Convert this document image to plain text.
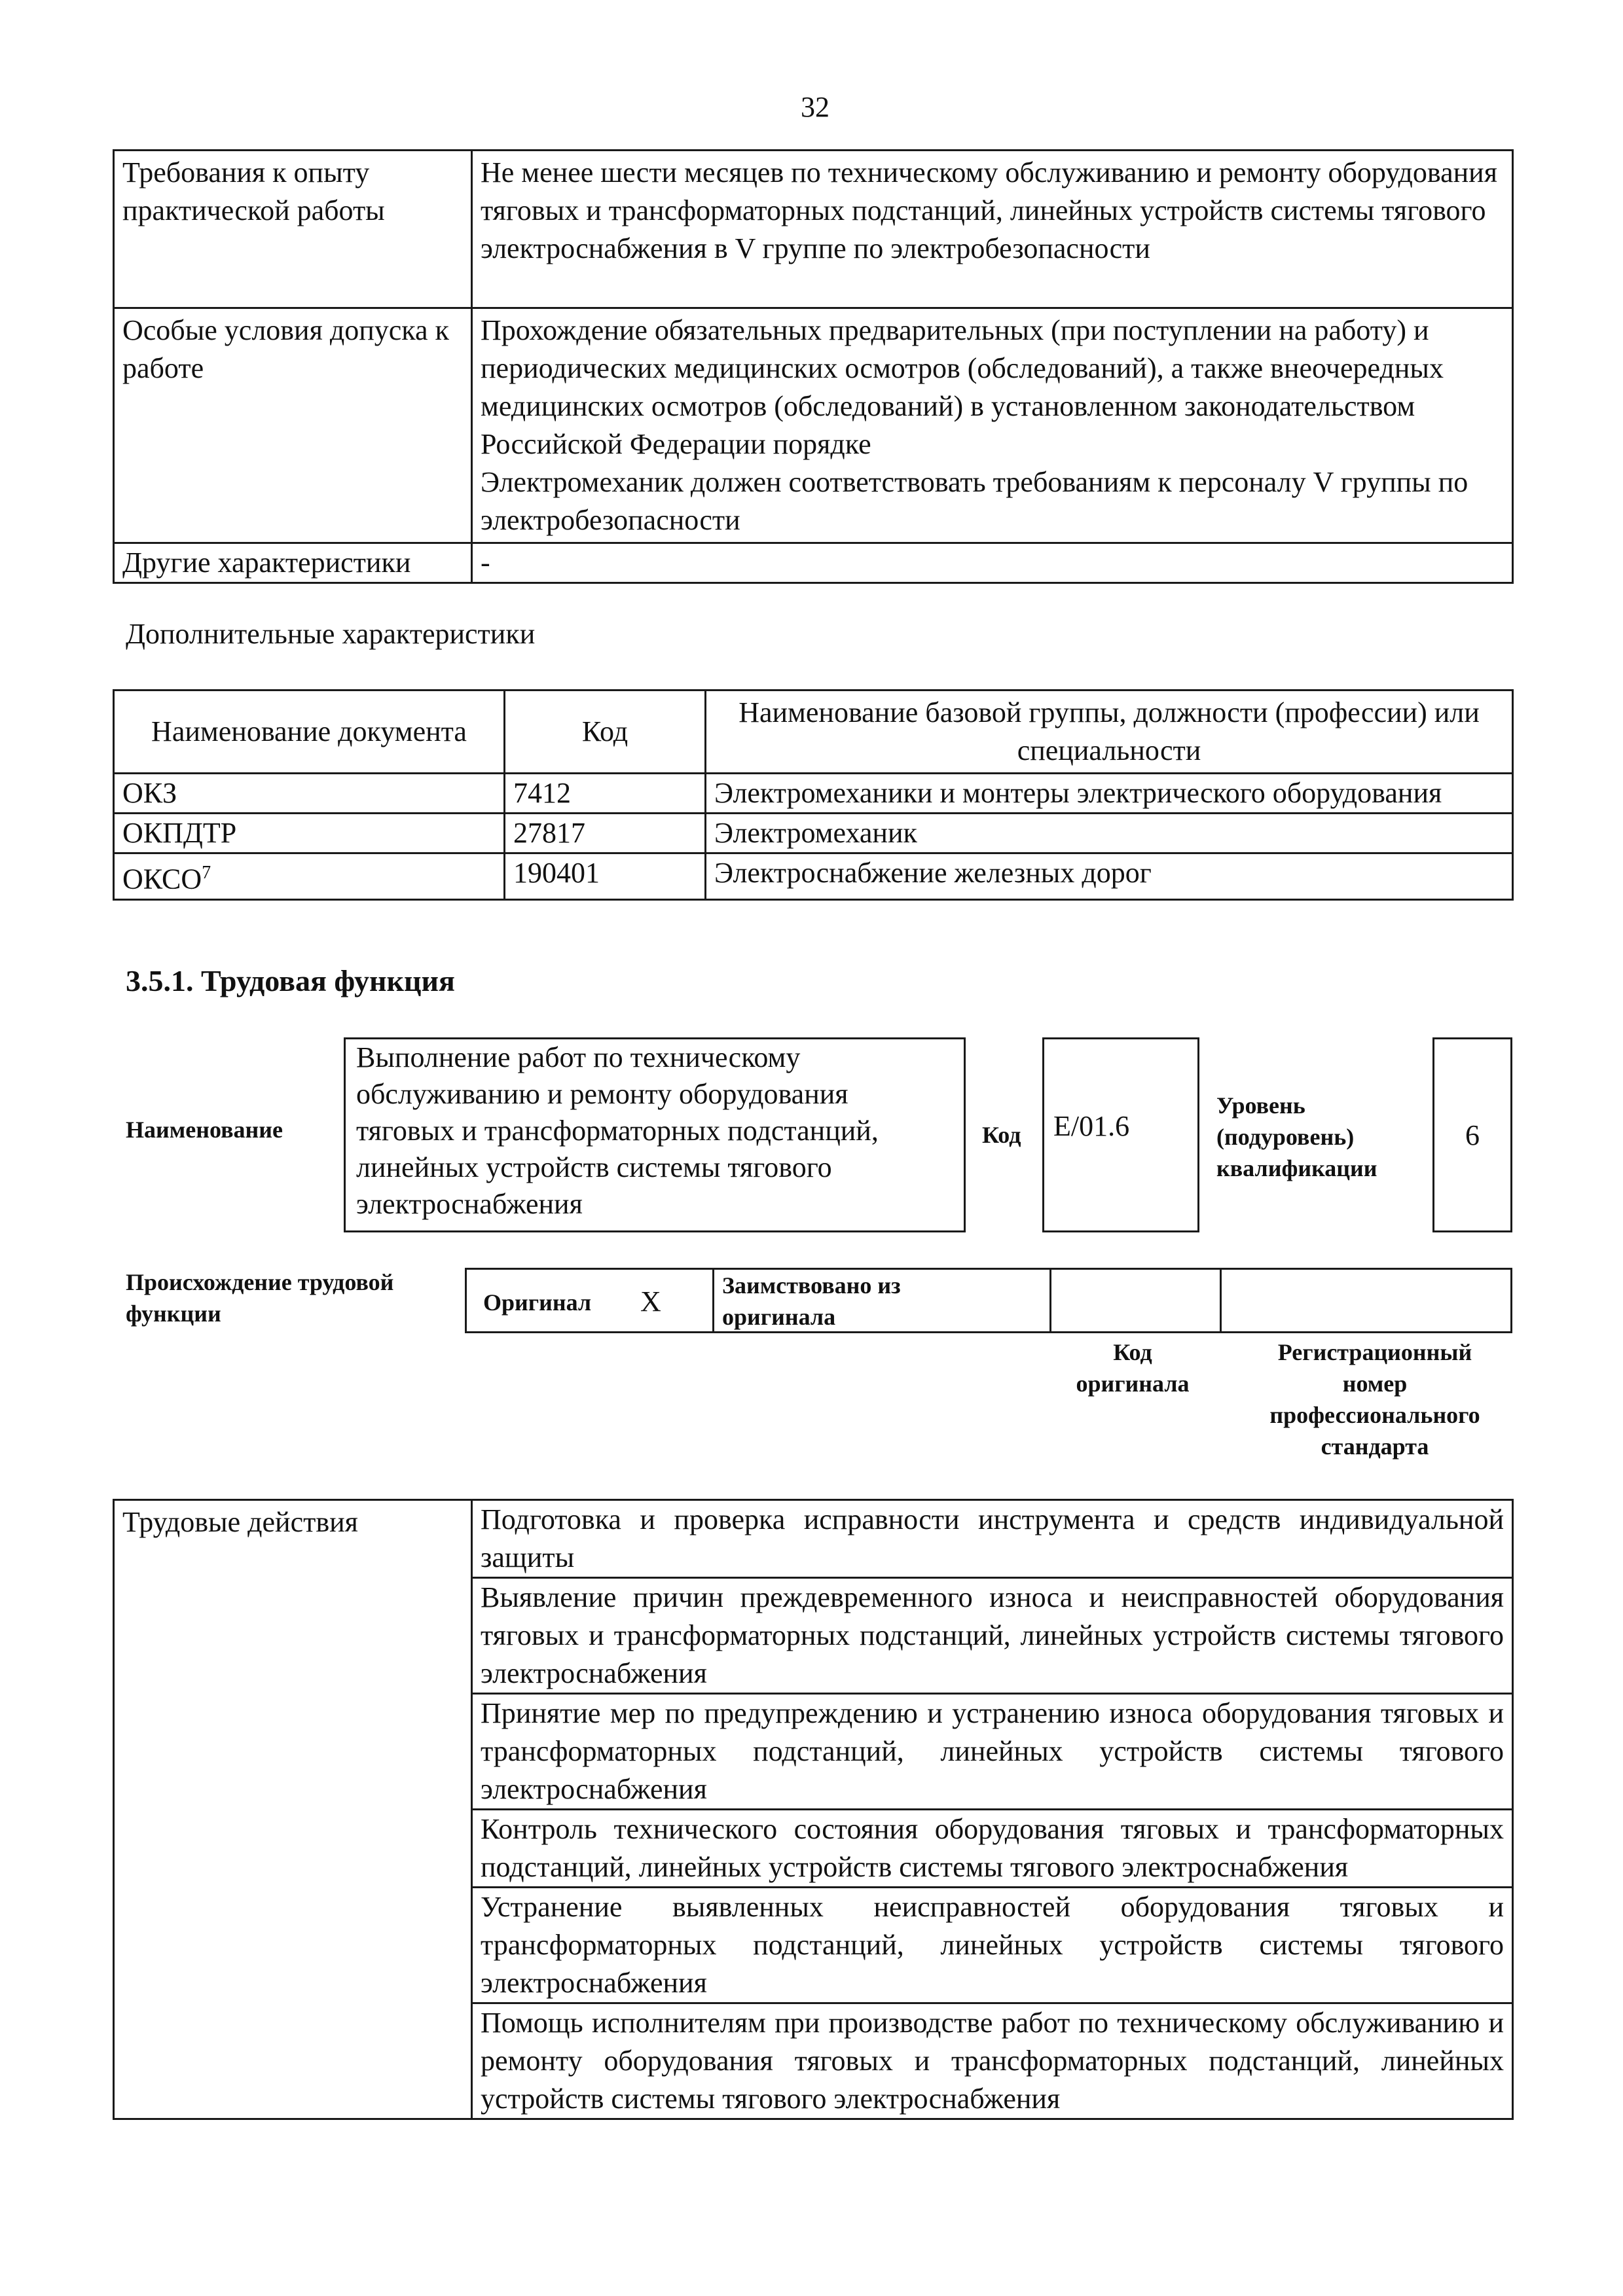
32
Требования к опыту практической работы	Не менее шести месяцев по техническому обслуживанию и ремонту оборудования тяговых и трансформаторных подстанций, линейных устройств системы тягового электроснабжения в V группе по электробезопасности
Особые условия допуска к работе	Прохождение обязательных предварительных (при поступлении на работу) и периодических медицинских осмотров (обследований), а также внеочередных медицинских осмотров (обследований) в установленном законодательством Российской Федерации порядке
Электромеханик должен соответствовать требованиям к персоналу V группы по электробезопасности

Другие характеристики	-
Дополнительные характеристики
Наименование документа	Код	Наименование базовой группы, должности (профессии) или специальности
ОКЗ	7412	Электромеханики и монтеры электрического оборудования
ОКПДТР	27817	Электромеханик
ОКСО$^7$	190401	Электроснабжение железных дорог
3.5.1. Трудовая функция
Наименование
Выполнение работ по техническому обслуживанию и ремонту оборудования тяговых и трансформаторных подстанций, линейных устройств системы тягового электроснабжения
Код E/01.6
Уровень (подуровень) квалификации
6
Происхождение трудовой функции	Оригинал X	Заимствовано из оригинала
Код оригинала
Регистрационный номер профессионального стандарта
Трудовые действия	Подготовка и проверка исправности инструмента и средств индивидуальной защиты
Выявление причин преждевременного износа и неисправностей оборудования тяговых и трансформаторных подстанций, линейных устройств системы тягового электроснабжения
Принятие мер по предупреждению и устранению износа оборудования тяговых и трансформаторных подстанций, линейных устройств системы тягового электроснабжения
Контроль технического состояния оборудования тяговых и трансформаторных подстанций, линейных устройств системы тягового электроснабжения
Устранение выявленных неисправностей оборудования тяговых и трансформаторных подстанций, линейных устройств системы тягового электроснабжения
Помощь исполнителям при производстве работ по техническому обслуживанию и ремонту оборудования тяговых и трансформаторных подстанций, линейных устройств системы тягового электроснабжения
